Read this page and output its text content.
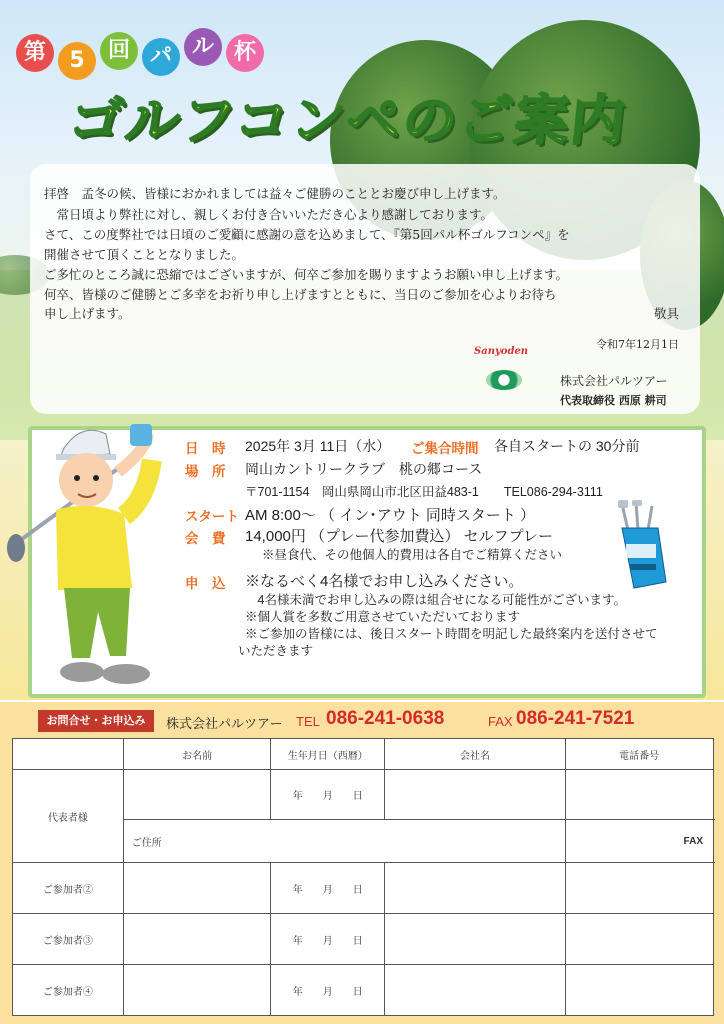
第	5	回 パ ル 杯
ゴルフコンペのご案内
拝啓　孟冬の候、皆様におかれましては益々ご健勝のこととお慶び申し上げます。
　常日頃より弊社に対し、親しくお付き合いいただき心より感謝しております。
さて、この度弊社では日頃のご愛顧に感謝の意を込めまして、『第5回パル杯ゴルフコンペ』を
開催させて頂くこととなりました。
ご多忙のところ誠に恐縮ではございますが、何卒ご参加を賜りますようお願い申し上げます。
何卒、皆様のご健勝とご多幸をお祈り申し上げますとともに、当日のご参加を心よりお待ち
申し上げます。	敬具
令和7年12月1日
Sanyoden
株式会社パルツアー
代表取締役 西原 耕司
日　時 2025年 3月 11日（水） ご集合時間 各自スタートの 30分前
場　所 岡山カントリークラブ　桃の郷コース
〒701-1154　岡山県岡山市北区田益483-1　　TEL086-294-3111
スタート AM 8:00～ （ イン･アウト 同時スタート ）
会　費 14,000円 （プレー代参加費込） セルフプレー
※昼食代、その他個人的費用は各自でご精算ください
申　込 ※なるべく4名様でお申し込みください。
　4名様未満でお申し込みの際は組合せになる可能性がございます。
※個人賞を多数ご用意させていただいております
※ご参加の皆様には、後日スタート時間を明記した最終案内を送付させて
いただきます
お問合せ・お申込み	株式会社パルツアー TEL 086-241-0638	FAX 086-241-7521
	お名前	生年月日（西暦）	会社名	電話番号	
代表者様		年　　月　　日			
	ご住所			FAX	
ご参加者②		年　　月　　日			
ご参加者③		年　　月　　日			
ご参加者④		年　　月　　日			
